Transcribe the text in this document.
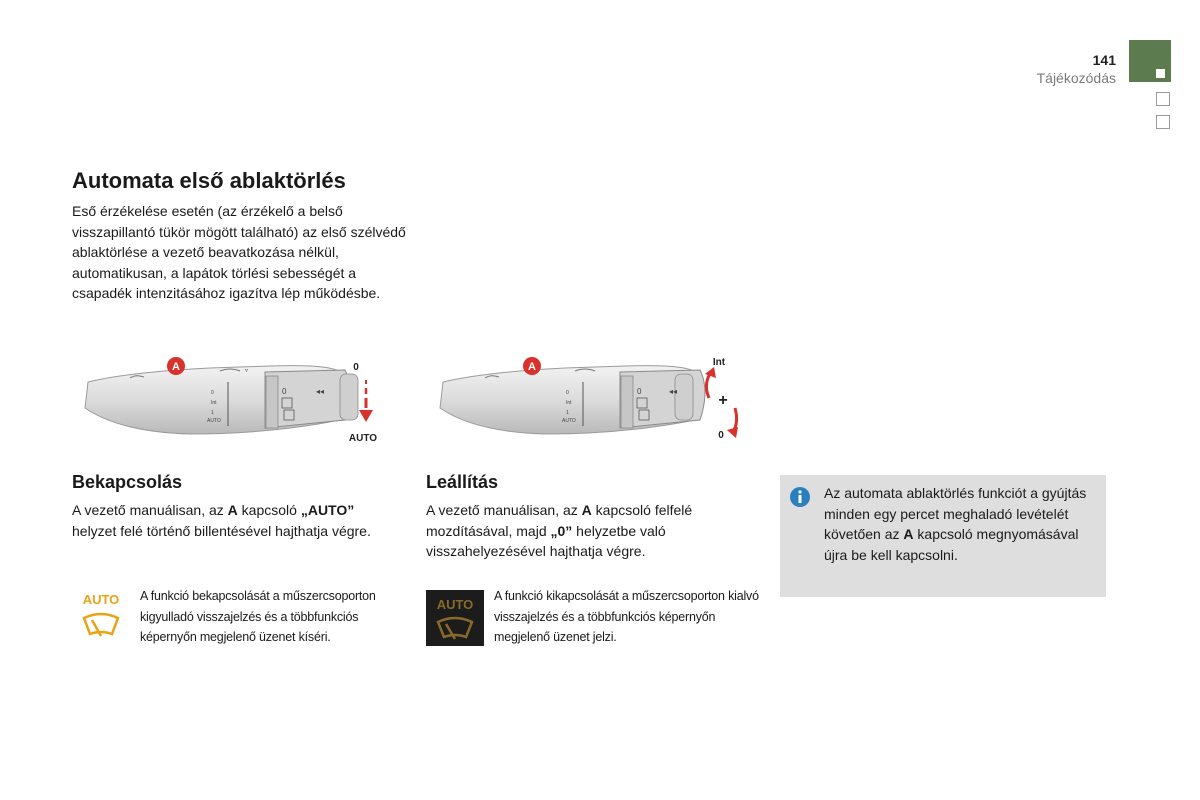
141
Tájékozódás
Automata első ablaktörlés

Eső érzékelése esetén (az érzékelő a belső visszapillantó tükör mögött található) az első szélvédő ablaktörlése a vezető beavatkozása nélkül, automatikusan, a lapátok törlési sebességét a csapadék intenzitásához igazítva lép működésbe.

▿
0
Int
1
AUTO
0	◂◂
A	0
AUTO
0
Int
1
AUTO
0	◂◂
A	Int
+
0
Bekapcsolás

A vezető manuálisan, az A kapcsoló „AUTO” helyzet felé történő billentésével hajthatja végre.

AUTO A funkció bekapcsolását a műszercsoporton kigyulladó visszajelzés és a többfunkciós képernyőn megjelenő üzenet kíséri.

Leállítás

A vezető manuálisan, az A kapcsoló felfelé mozdításával, majd „0” helyzetbe való visszahelyezésével hajthatja végre.

AUTO

A funkció kikapcsolását a műszercsoporton kialvó visszajelzés és a többfunkciós képernyőn megjelenő üzenet jelzi.

Az automata ablaktörlés funkciót a gyújtás minden egy percet meghaladó levételét követően az A kapcsoló megnyomásával újra be kell kapcsolni.
